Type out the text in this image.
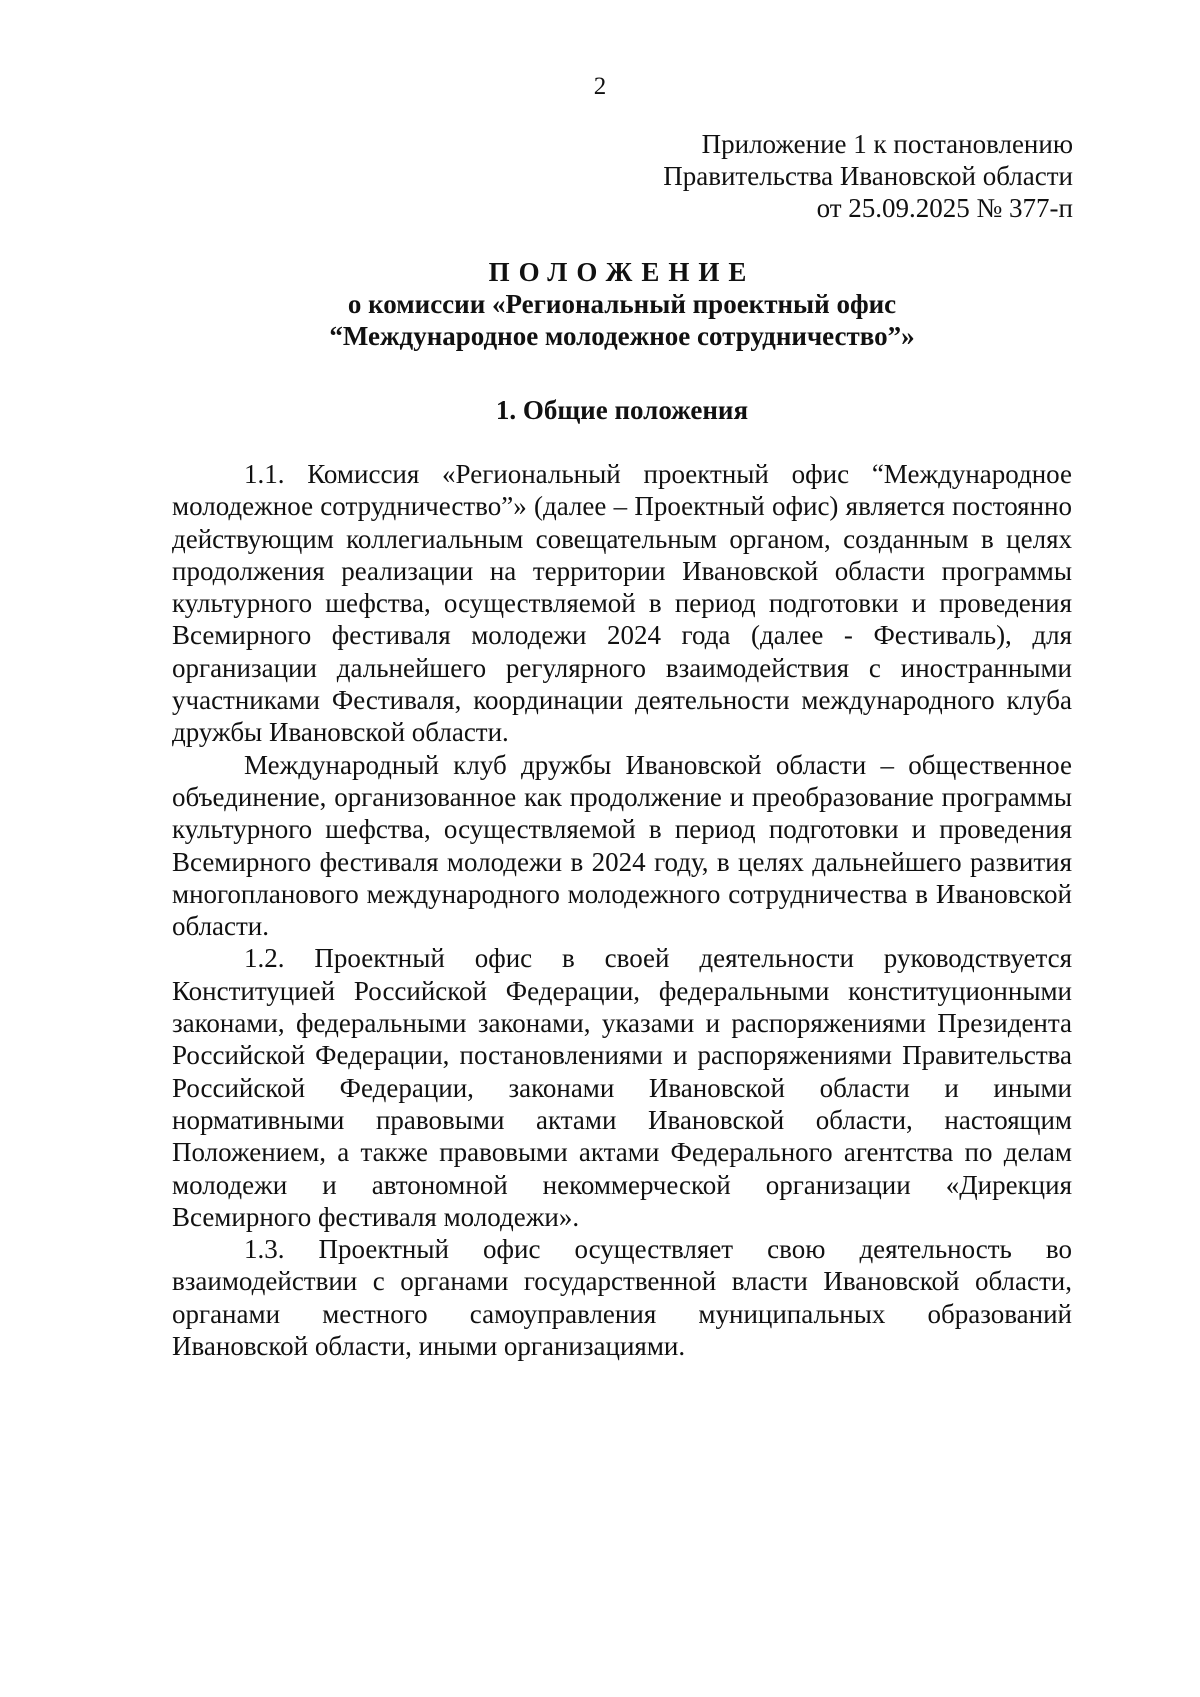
2
Приложение 1 к постановлению
Правительства Ивановской области
от 25.09.2025 № 377-п
ПОЛОЖЕНИЕ
о комиссии «Региональный проектный офис
“Международное молодежное сотрудничество”»
1. Общие положения

1.1. Комиссия «Региональный проектный офис “Международное молодежное сотрудничество”» (далее – Проектный офис) является постоянно действующим коллегиальным совещательным органом, созданным в целях продолжения реализации на территории Ивановской области программы культурного шефства, осуществляемой в период подготовки и проведения Всемирного фестиваля молодежи 2024 года (далее - Фестиваль), для организации дальнейшего регулярного взаимодействия с иностранными участниками Фестиваля, координации деятельности международного клуба дружбы Ивановской области.

Международный клуб дружбы Ивановской области – общественное объединение, организованное как продолжение и преобразование программы культурного шефства, осуществляемой в период подготовки и проведения Всемирного фестиваля молодежи в 2024 году, в целях дальнейшего развития многопланового международного молодежного сотрудничества в Ивановской области.

1.2. Проектный офис в своей деятельности руководствуется Конституцией Российской Федерации, федеральными конституционными законами, федеральными законами, указами и распоряжениями Президента Российской Федерации, постановлениями и распоряжениями Правительства Российской Федерации, законами Ивановской области и иными нормативными правовыми актами Ивановской области, настоящим Положением, а также правовыми актами Федерального агентства по делам молодежи и автономной некоммерческой организации «Дирекция Всемирного фестиваля молодежи».

1.3. Проектный офис осуществляет свою деятельность во взаимодействии с органами государственной власти Ивановской области, органами местного самоуправления муниципальных образований Ивановской области, иными организациями.
